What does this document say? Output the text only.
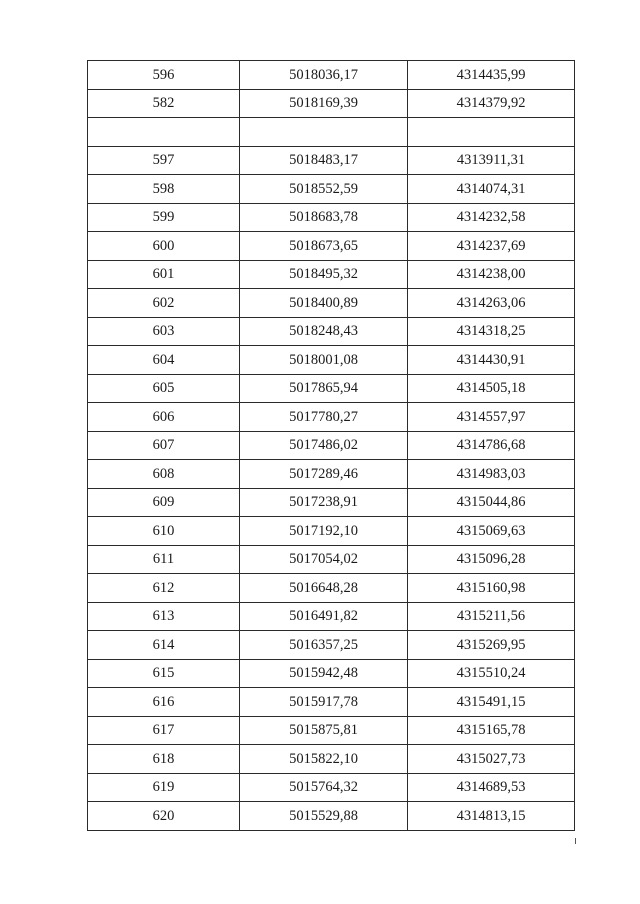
596	5018036,17	4314435,99
582	5018169,39	4314379,92

597	5018483,17	4313911,31
598	5018552,59	4314074,31
599	5018683,78	4314232,58
600	5018673,65	4314237,69
601	5018495,32	4314238,00
602	5018400,89	4314263,06
603	5018248,43	4314318,25
604	5018001,08	4314430,91
605	5017865,94	4314505,18
606	5017780,27	4314557,97
607	5017486,02	4314786,68
608	5017289,46	4314983,03
609	5017238,91	4315044,86
610	5017192,10	4315069,63
611	5017054,02	4315096,28
612	5016648,28	4315160,98
613	5016491,82	4315211,56
614	5016357,25	4315269,95
615	5015942,48	4315510,24
616	5015917,78	4315491,15
617	5015875,81	4315165,78
618	5015822,10	4315027,73
619	5015764,32	4314689,53
620	5015529,88	4314813,15
